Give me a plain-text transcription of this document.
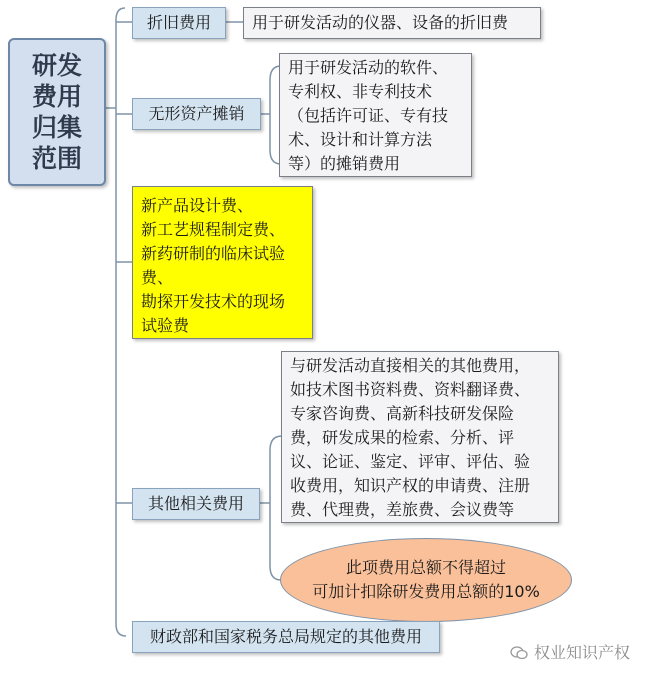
研发费用归集范围
折旧费用	用于研发活动的仪器、设备的折旧费
无形资产摊销
用于研发活动的软件、
专利权、非专利技术
（包括许可证、专有技
术、设计和计算方法
等）的摊销费用
新产品设计费、
新工艺规程制定费、
新药研制的临床试验
费、
勘探开发技术的现场
试验费
其他相关费用
与研发活动直接相关的其他费用，
如技术图书资料费、资料翻译费、
专家咨询费、高新科技研发保险
费，研发成果的检索、分析、评
议、论证、鉴定、评审、评估、验
收费用，知识产权的申请费、注册
费、代理费，差旅费、会议费等
此项费用总额不得超过
可加计扣除研发费用总额的10%
财政部和国家税务总局规定的其他费用
权业知识产权
